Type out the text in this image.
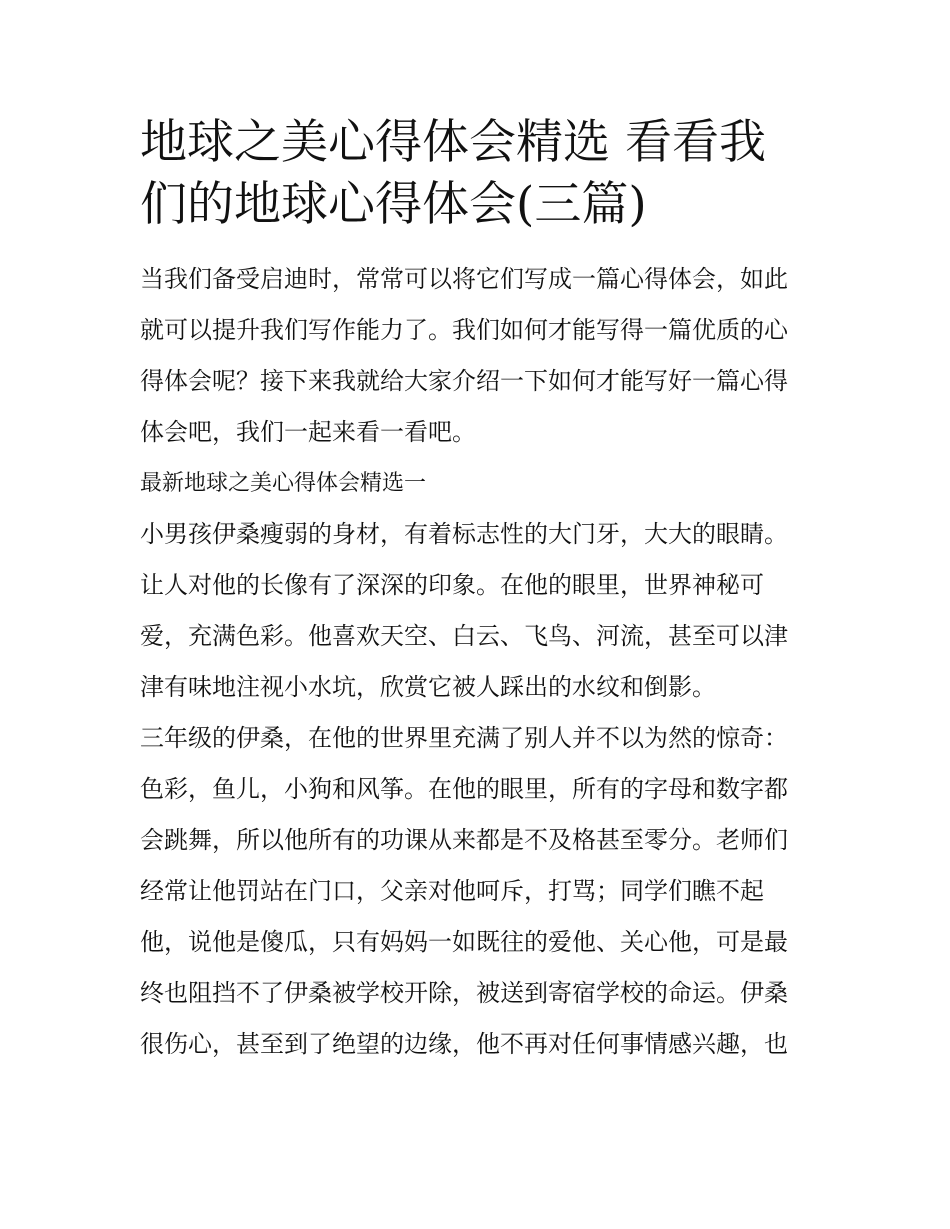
地球之美心得体会精选 看看我
们的地球心得体会(三篇)
当我们备受启迪时，常常可以将它们写成一篇心得体会，如此
就可以提升我们写作能力了。我们如何才能写得一篇优质的心
得体会呢？接下来我就给大家介绍一下如何才能写好一篇心得
体会吧，我们一起来看一看吧。
最新地球之美心得体会精选一
小男孩伊桑瘦弱的身材，有着标志性的大门牙，大大的眼睛。
让人对他的长像有了深深的印象。在他的眼里，世界神秘可
爱，充满色彩。他喜欢天空、白云、飞鸟、河流，甚至可以津
津有味地注视小水坑，欣赏它被人踩出的水纹和倒影。
三年级的伊桑，在他的世界里充满了别人并不以为然的惊奇：
色彩，鱼儿，小狗和风筝。在他的眼里，所有的字母和数字都
会跳舞，所以他所有的功课从来都是不及格甚至零分。老师们
经常让他罚站在门口，父亲对他呵斥，打骂；同学们瞧不起
他，说他是傻瓜，只有妈妈一如既往的爱他、关心他，可是最
终也阻挡不了伊桑被学校开除，被送到寄宿学校的命运。伊桑
很伤心，甚至到了绝望的边缘，他不再对任何事情感兴趣，也
